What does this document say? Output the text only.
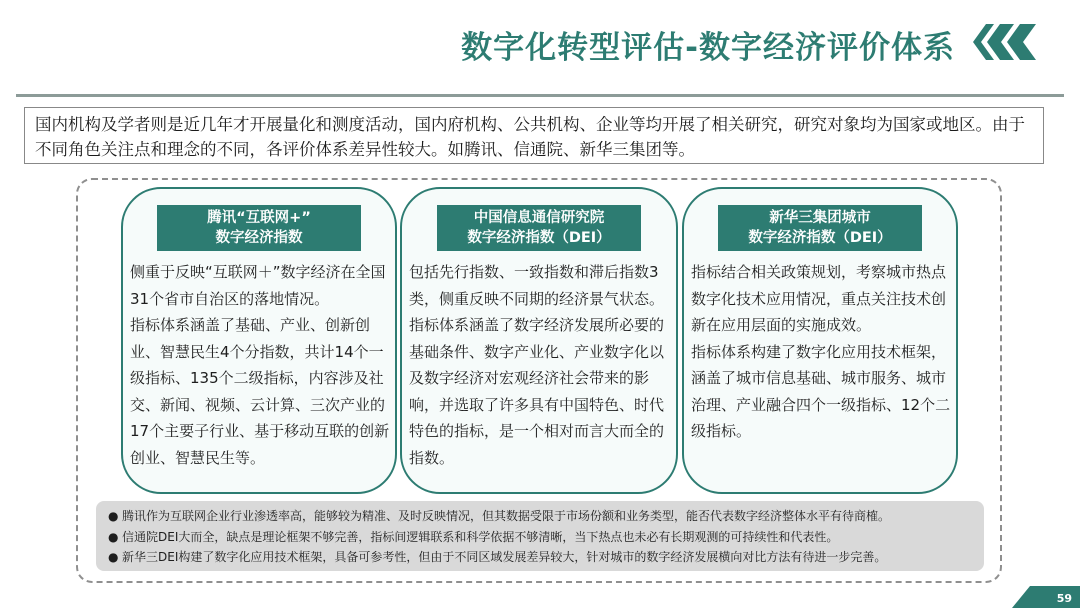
数字化转型评估-数字经济评价体系
国内机构及学者则是近几年才开展量化和测度活动，国内府机构、公共机构、企业等均开展了相关研究，研究对象均为国家或地区。由于不同角色关注点和理念的不同，各评价体系差异性较大。如腾讯、信通院、新华三集团等。
腾讯“互联网+”
数字经济指数

侧重于反映“互联网＋”数字经济在全国31个省市自治区的落地情况。

指标体系涵盖了基础、产业、创新创业、智慧民生4个分指数，共计14个一级指标、135个二级指标，内容涉及社交、新闻、视频、云计算、三次产业的17个主要子行业、基于移动互联的创新创业、智慧民生等。

中国信息通信研究院
数字经济指数（DEI）

包括先行指数、一致指数和滞后指数3类，侧重反映不同期的经济景气状态。

指标体系涵盖了数字经济发展所必要的基础条件、数字产业化、产业数字化以及数字经济对宏观经济社会带来的影响，并选取了许多具有中国特色、时代特色的指标，是一个相对而言大而全的指数。

新华三集团城市
数字经济指数（DEI）

指标结合相关政策规划，考察城市热点数字化技术应用情况，重点关注技术创新在应用层面的实施成效。

指标体系构建了数字化应用技术框架，涵盖了城市信息基础、城市服务、城市治理、产业融合四个一级指标、12个二级指标。

● 腾讯作为互联网企业行业渗透率高，能够较为精准、及时反映情况，但其数据受限于市场份额和业务类型，能否代表数字经济整体水平有待商榷。
● 信通院DEI大而全，缺点是理论框架不够完善，指标间逻辑联系和科学依据不够清晰，当下热点也未必有长期观测的可持续性和代表性。
● 新华三DEI构建了数字化应用技术框架，具备可参考性，但由于不同区域发展差异较大，针对城市的数字经济发展横向对比方法有待进一步完善。
59
